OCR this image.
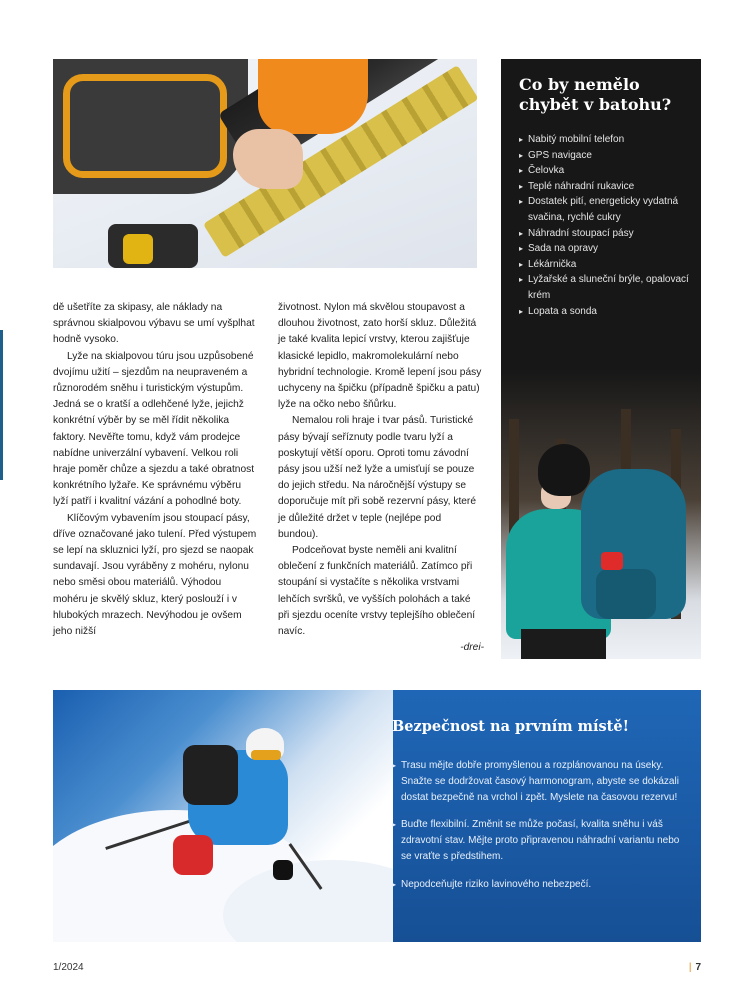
dě ušetříte za skipasy, ale náklady na správnou skialpovou výbavu se umí vyšplhat hodně vysoko.

Lyže na skialpovou túru jsou uzpůsobené dvojímu užití – sjezdům na neupraveném a různorodém sněhu i turistickým výstupům. Jedná se o kratší a odlehčené lyže, jejichž konkrétní výběr by se měl řídit několika faktory. Nevěřte tomu, když vám prodejce nabídne univerzální vybavení. Velkou roli hraje poměr chůze a sjezdu a také obratnost konkrétního lyžaře. Ke správnému výběru lyží patří i kvalitní vázání a pohodlné boty.

Klíčovým vybavením jsou stoupací pásy, dříve označované jako tulení. Před výstupem se lepí na skluznici lyží, pro sjezd se naopak sundavají. Jsou vyráběny z mohéru, nylonu nebo směsi obou materiálů. Výhodou mohéru je skvělý skluz, který poslouží i v hlubokých mrazech. Nevýhodou je ovšem jeho nižší

životnost. Nylon má skvělou stoupavost a dlouhou životnost, zato horší skluz. Důležitá je také kvalita lepicí vrstvy, kterou zajišťuje klasické lepidlo, makromolekulární nebo hybridní technologie. Kromě lepení jsou pásy uchyceny na špičku (případně špičku a patu) lyže na očko nebo šňůrku.

Nemalou roli hraje i tvar pásů. Turistické pásy bývají seříznuty podle tvaru lyží a poskytují větší oporu. Oproti tomu závodní pásy jsou užší než lyže a umisťují se pouze do jejich středu. Na náročnější výstupy se doporučuje mít při sobě rezervní pásy, které je důležité držet v teple (nejlépe pod bundou).

Podceňovat byste neměli ani kvalitní oblečení z funkčních materiálů. Zatímco při stoupání si vystačíte s několika vrstvami lehčích svršků, ve vyšších polohách a také při sjezdu oceníte vrstvy teplejšího oblečení navíc.

-drei-
Co by nemělo chybět v batohu?
▸ Nabitý mobilní telefon
▸ GPS navigace
▸ Čelovka
▸ Teplé náhradní rukavice
▸ Dostatek pití, energeticky vydatná svačina, rychlé cukry
▸ Náhradní stoupací pásy
▸ Sada na opravy
▸ Lékárnička
▸ Lyžařské a sluneční brýle, opalovací krém
▸ Lopata a sonda
Bezpečnost na prvním místě!
▸ Trasu mějte dobře promyšlenou a rozplánovanou na úseky. Snažte se dodržovat časový harmonogram, abyste se dokázali dostat bezpečně na vrchol i zpět. Myslete na časovou rezervu!
▸ Buďte flexibilní. Změnit se může počasí, kvalita sněhu i váš zdravotní stav. Mějte proto připravenou náhradní variantu nebo se vraťte s předstihem.
▸ Nepodceňujte riziko lavinového nebezpečí.
1/2024	| 7
